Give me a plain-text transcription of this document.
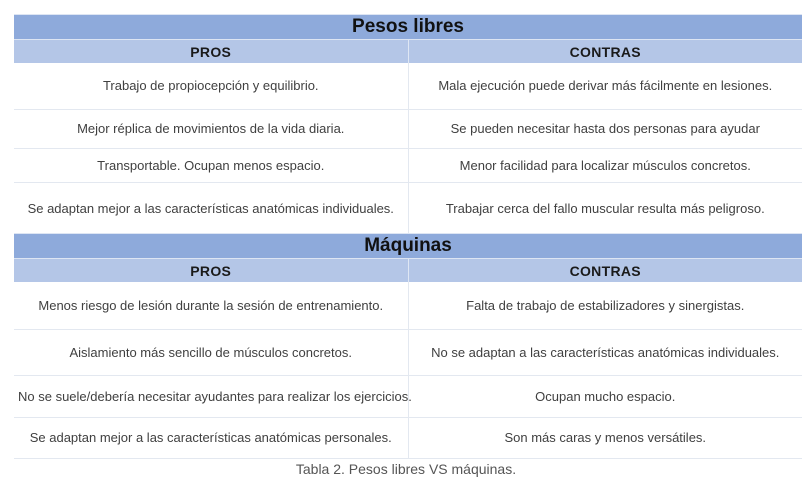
Pesos libres	
PROS	CONTRAS
Trabajo de propiocepción y equilibrio.	Mala ejecución puede derivar más fácilmente en lesiones.
Mejor réplica de movimientos de la vida diaria.	Se pueden necesitar hasta dos personas para ayudar
Transportable. Ocupan menos espacio.	Menor facilidad para localizar músculos concretos.
Se adaptan mejor a las características anatómicas individuales.	Trabajar cerca del fallo muscular resulta más peligroso.
Máquinas	
PROS	CONTRAS
Menos riesgo de lesión durante la sesión de entrenamiento.	Falta de trabajo de estabilizadores y sinergistas.
Aislamiento más sencillo de músculos concretos.	No se adaptan a las características anatómicas individuales.
No se suele/debería necesitar ayudantes para realizar los ejercicios.	Ocupan mucho espacio.
Se adaptan mejor a las características anatómicas personales.	Son más caras y menos versátiles.
Tabla 2. Pesos libres VS máquinas.
